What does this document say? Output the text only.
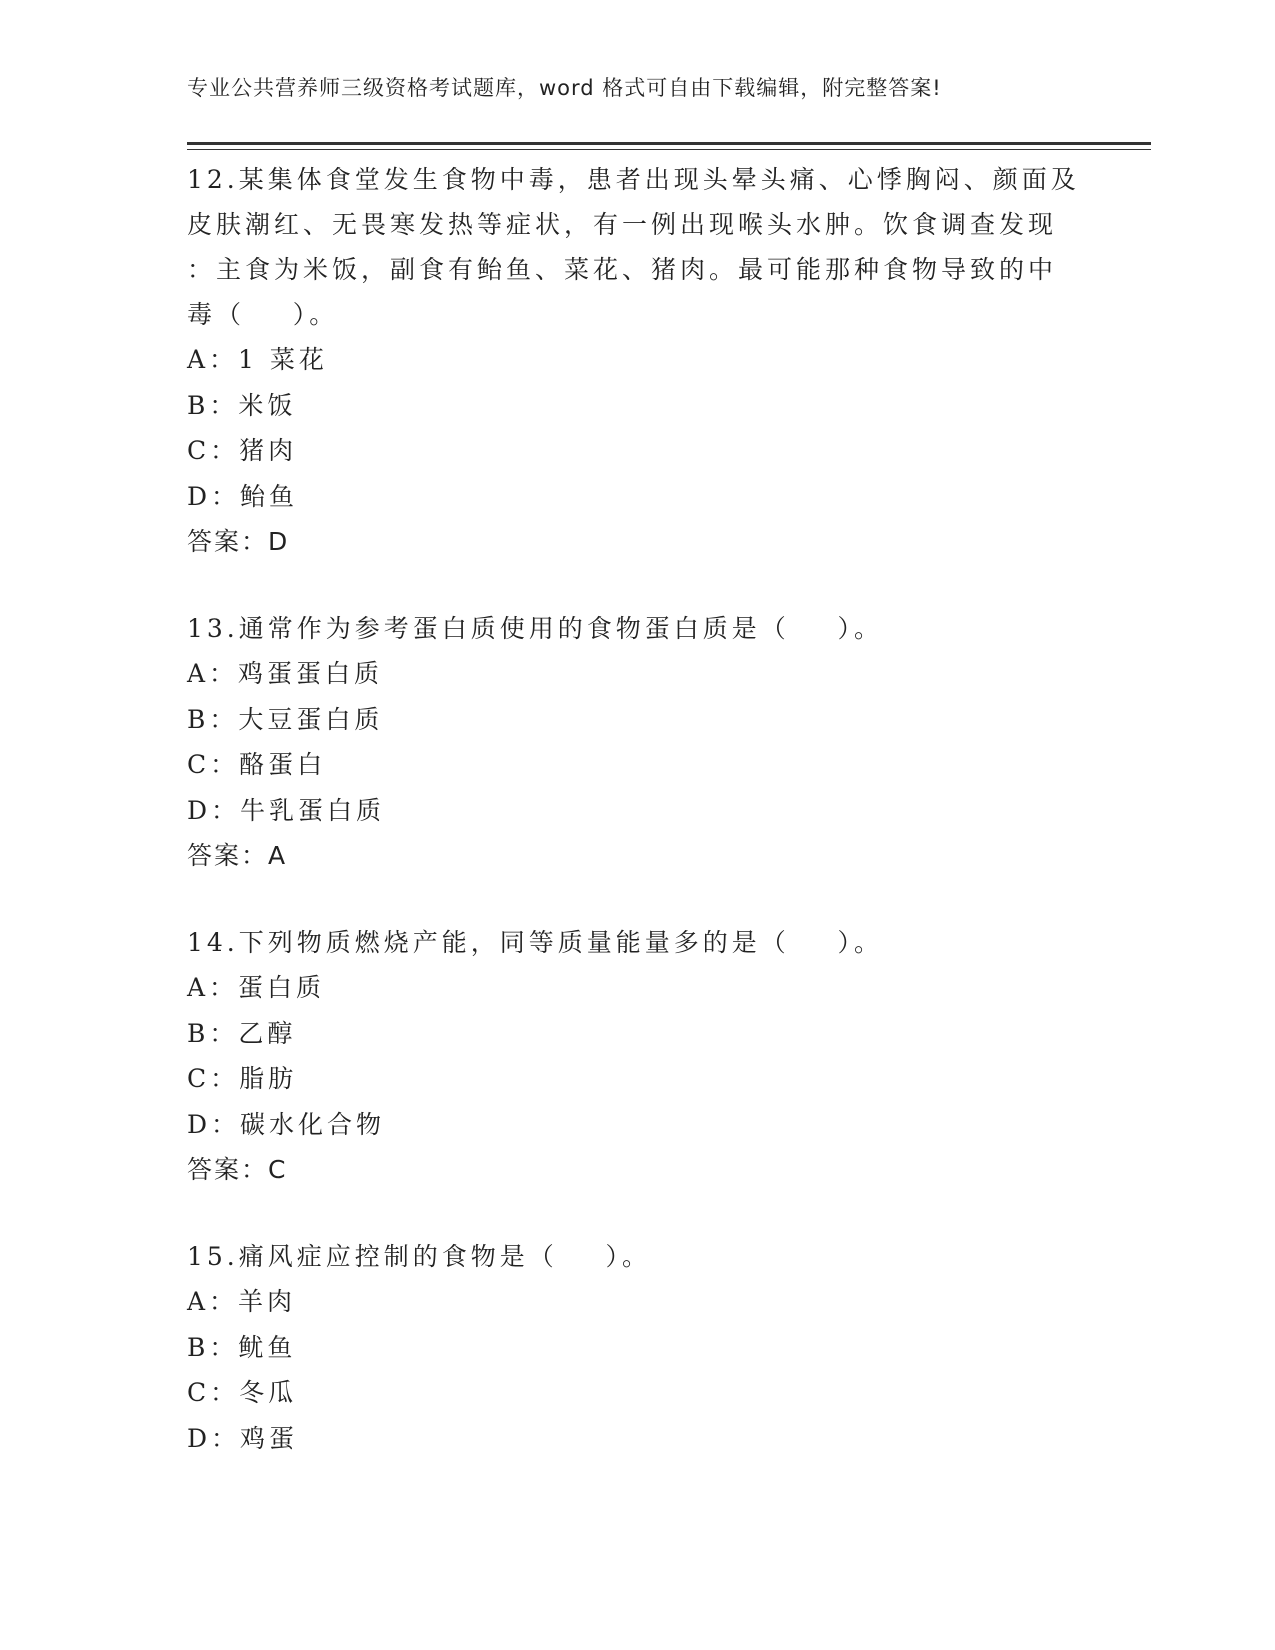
专业公共营养师三级资格考试题库，word 格式可自由下载编辑，附完整答案!

12.某集体食堂发生食物中毒，患者出现头晕头痛、心悸胸闷、颜面及

皮肤潮红、无畏寒发热等症状，有一例出现喉头水肿。饮食调查发现

：主食为米饭，副食有鲐鱼、菜花、猪肉。最可能那种食物导致的中

毒（    ）。

A：1 菜花

B：米饭

C：猪肉

D：鲐鱼

答案：D

13.通常作为参考蛋白质使用的食物蛋白质是（    ）。

A：鸡蛋蛋白质

B：大豆蛋白质

C：酪蛋白

D：牛乳蛋白质

答案：A

14.下列物质燃烧产能，同等质量能量多的是（    ）。

A：蛋白质

B：乙醇

C：脂肪

D：碳水化合物

答案：C

15.痛风症应控制的食物是（    ）。

A：羊肉

B：鱿鱼

C：冬瓜

D：鸡蛋
